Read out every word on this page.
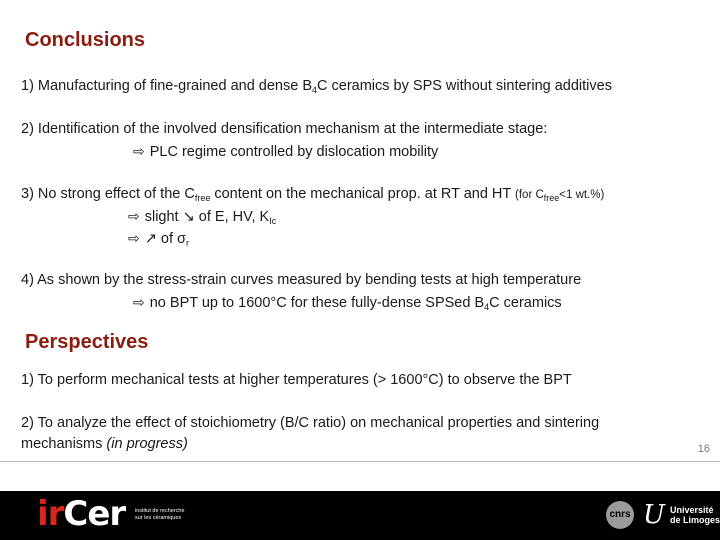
Conclusions
1) Manufacturing of fine-grained and dense $B_4C$ ceramics by SPS without sintering additives
2) Identification of the involved densification mechanism at the intermediate stage:
⇨ PLC regime controlled by dislocation mobility
3) No strong effect of the $C_{free}$ content on the mechanical prop. at RT and HT (for $C_{free}<1$ wt.%)
⇨ slight ↘ of E, HV, $K_{Ic}$
⇨ ↗ of $\sigma_r$
4) As shown by the stress-strain curves measured by bending tests at high temperature
⇨ no BPT up to 1600°C for these fully-dense SPSed $B_4C$ ceramics
Perspectives
1) To perform mechanical tests at higher temperatures (> 1600°C) to observe the BPT
2) To analyze the effect of stoichiometry (B/C ratio) on mechanical properties and sintering
mechanisms (in progress)	16
irCer institut de recherche
sur les céramiques	cnrs U Université
de Limoges
